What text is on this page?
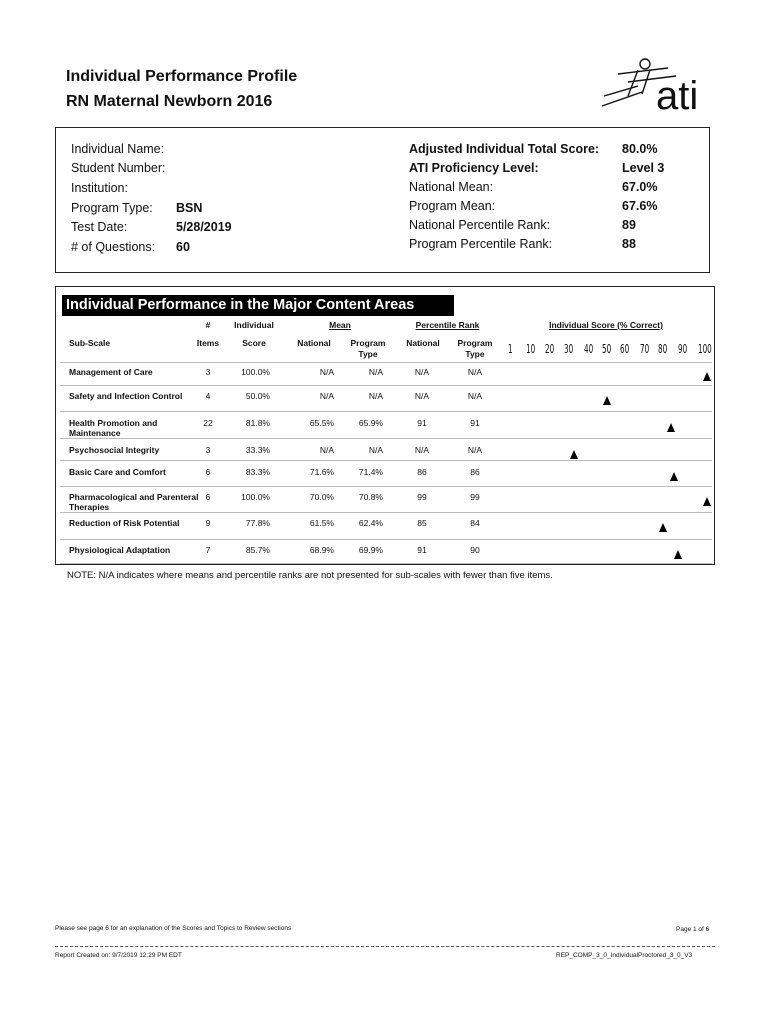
Individual Performance Profile
RN Maternal Newborn 2016	ati
Individual Name:
Student Number:
Institution:
Program Type: BSN
Test Date:	5/28/2019
# of Questions: 60
Adjusted Individual Total Score: 80.0%
ATI Proficiency Level:	Level 3
National Mean:	67.0%
Program Mean:	67.6%
National Percentile Rank:	89
Program Percentile Rank:	88
Individual Performance in the Major Content Areas
#	Individual	Mean	Percentile Rank	Individual Score (% Correct)
Sub-Scale	Items	Score	National	Program Type
National	Program Type	1 10 20 30 40 50 60 70 80 90 100
Management of Care	3	100.0%	N/A	N/A	N/A	N/A
Safety and Infection Control	4	50.0%	N/A	N/A	N/A	N/A
Health Promotion and Maintenance
22	81.8%	65.5%	65.9%	91	91
Psychosocial Integrity	3	33.3%	N/A	N/A	N/A	N/A
Basic Care and Comfort	6	83.3%	71.6%	71.4%	86	86
Pharmacological and Parenteral Therapies
6	100.0%	70.0%	70.8%	99	99
Reduction of Risk Potential	9	77.8%	61.5%	62.4%	85	84
Physiological Adaptation	7	85.7%	68.9%	69.9%	91	90
NOTE: N/A indicates where means and percentile ranks are not presented for sub-scales with fewer than five items.
Please see page 6 for an explanation of the Scores and Topics to Review sections	Page 1 of 6
Report Created on: 9/7/2019 12:29 PM EDT	REP_COMP_3_0_IndividualProctored_3_0_V3
